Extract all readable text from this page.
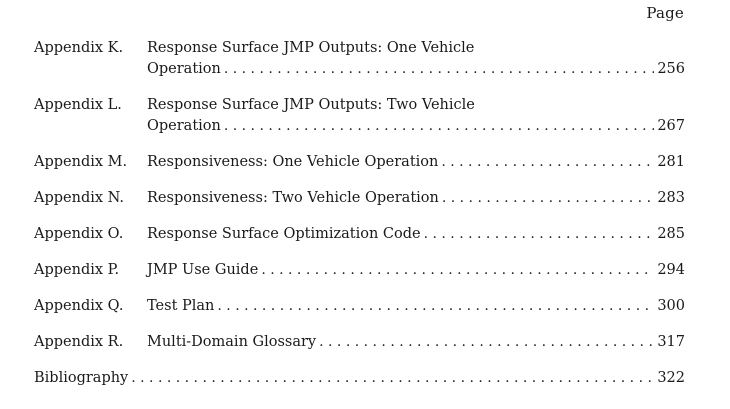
Page
Appendix K. Response Surface JMP Outputs: One Vehicle
Operation . . .	256
Appendix L. Response Surface JMP Outputs: Two Vehicle
Operation . . .	267
Appendix M. Responsiveness: One Vehicle Operation . . .	281
Appendix N. Responsiveness: Two Vehicle Operation . . .	283
Appendix O. Response Surface Optimization Code . . .	285
Appendix P. JMP Use Guide . . .	294
Appendix Q. Test Plan . . .	300
Appendix R. Multi-Domain Glossary . . .	317
Bibliography . . .	322
